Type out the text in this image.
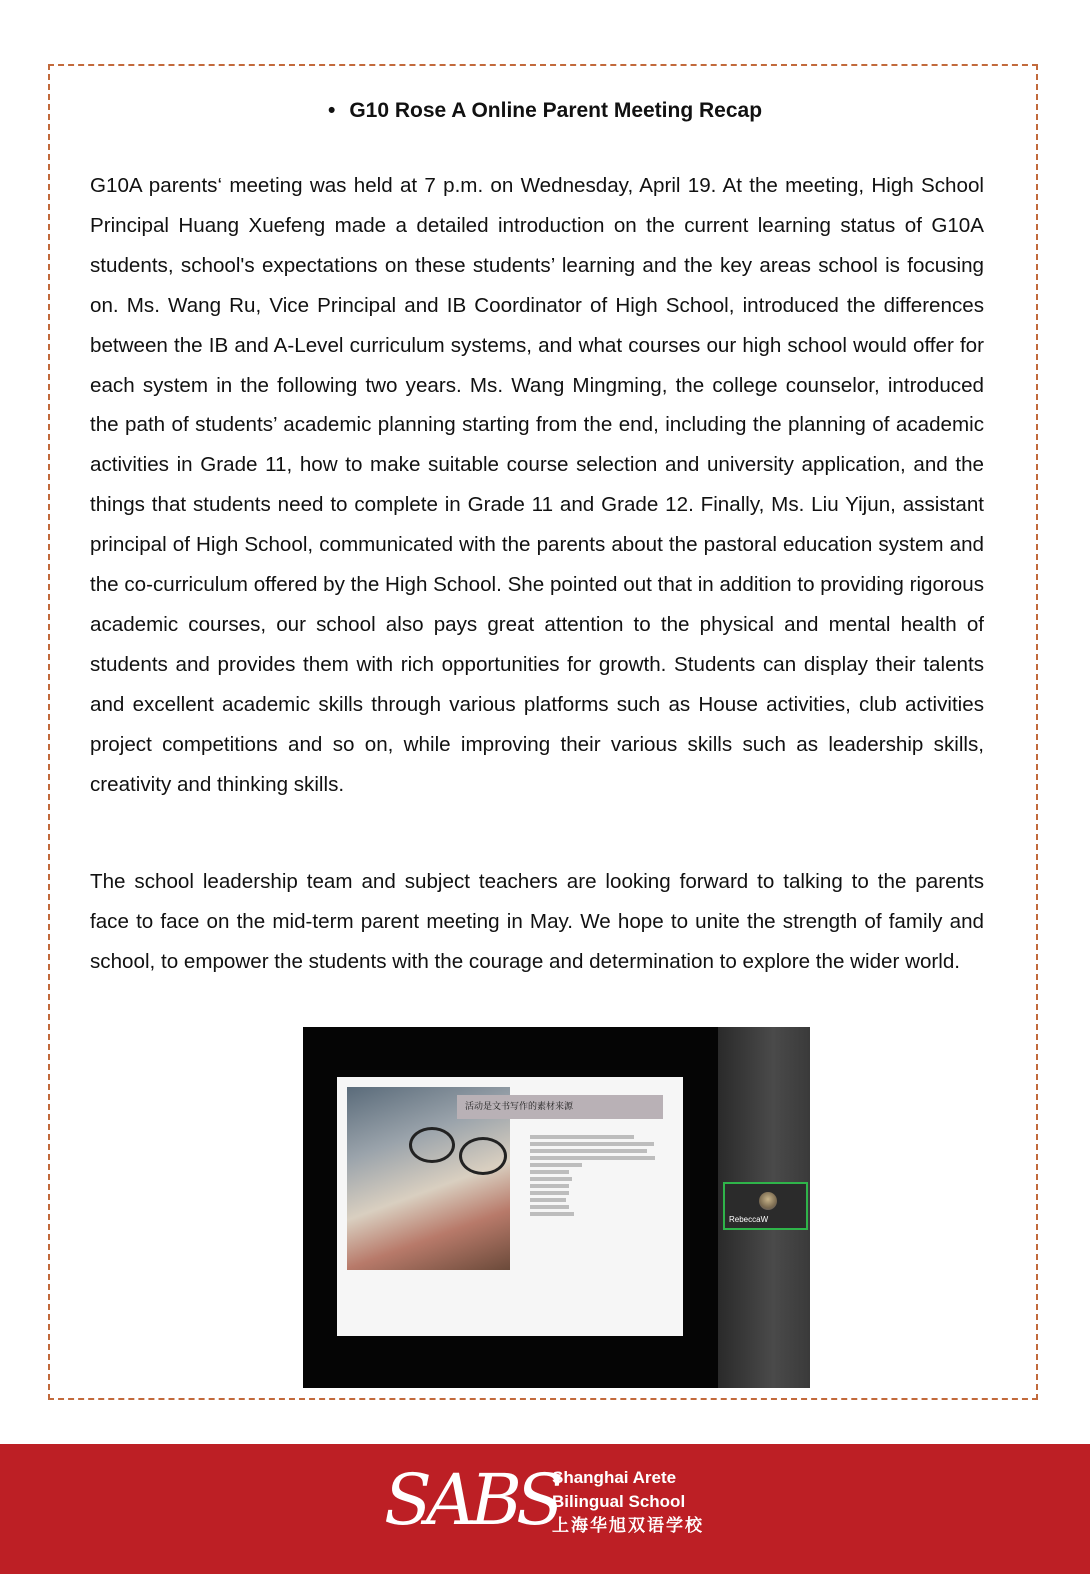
• G10 Rose A Online Parent Meeting Recap

G10A parents‘ meeting was held at 7 p.m. on Wednesday, April 19. At the meeting, High School Principal Huang Xuefeng made a detailed introduction on the current learning status of G10A students, school's expectations on these students’ learning and the key areas school is focusing on. Ms. Wang Ru, Vice Principal and IB Coordinator of High School, introduced the differences between the IB and A-Level curriculum systems, and what courses our high school would offer for each system in the following two years. Ms. Wang Mingming, the college counselor, introduced the path of students’ academic planning starting from the end, including the planning of academic activities in Grade 11, how to make suitable course selection and university application, and the things that students need to complete in Grade 11 and Grade 12. Finally, Ms. Liu Yijun, assistant principal of High School, communicated with the parents about the pastoral education system and the co-curriculum offered by the High School. She pointed out that in addition to providing rigorous academic courses, our school also pays great attention to the physical and mental health of students and provides them with rich opportunities for growth. Students can display their talents and excellent academic skills through various platforms such as House activities, club activities project competitions and so on, while improving their various skills such as leadership skills, creativity and thinking skills.

The school leadership team and subject teachers are looking forward to talking to the parents face to face on the mid-term parent meeting in May. We hope to unite the strength of family and school, to empower the students with the courage and determination to explore the wider world.

活动是文书写作的素材来源
RebeccaW
SABS
Shanghai Arete
Bilingual School
上海华旭双语学校
